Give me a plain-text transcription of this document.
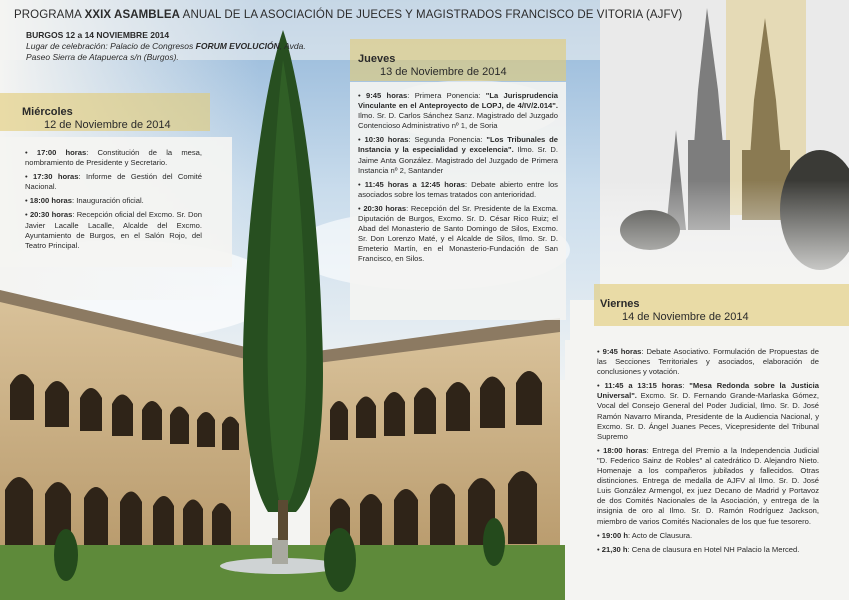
PROGRAMA XXIX ASAMBLEA ANUAL DE LA ASOCIACIÓN DE JUECES Y MAGISTRADOS FRANCISCO DE VITORIA (AJFV)
BURGOS 12 a 14 NOVIEMBRE 2014
Lugar de celebración: Palacio de Congresos FORUM EVOLUCIÓN, Avda. Paseo Sierra de Atapuerca s/n (Burgos).
Miércoles
12 de Noviembre de 2014
• 17:00 horas: Constitución de la mesa, nombramiento de Presidente y Secretario.
• 17:30 horas: Informe de Gestión del Comité Nacional.
• 18:00 horas: Inauguración oficial.
• 20:30 horas: Recepción oficial del Excmo. Sr. Don Javier Lacalle Lacalle, Alcalde del Excmo. Ayuntamiento de Burgos, en el Salón Rojo, del Teatro Principal.
Jueves
13 de Noviembre de 2014
• 9:45 horas: Primera Ponencia: "La Jurisprudencia Vinculante en el Anteproyecto de LOPJ, de 4/IV/2.014". Ilmo. Sr. D. Carlos Sánchez Sanz. Magistrado del Juzgado Contencioso Administrativo nº 1, de Soria
• 10:30 horas: Segunda Ponencia: "Los Tribunales de Instancia y la especialidad y excelencia". Ilmo. Sr. D. Jaime Anta González. Magistrado del Juzgado de Primera Instancia nº 2, Santander
• 11:45 horas a 12:45 horas: Debate abierto entre los asociados sobre los temas tratados con anterioridad.
• 20:30 horas: Recepción del Sr. Presidente de la Excma. Diputación de Burgos, Excmo. Sr. D. César Rico Ruiz; el Abad del Monasterio de Santo Domingo de Silos, Excmo. Sr. Don Lorenzo Maté, y el Alcalde de Silos, Ilmo. Sr. D. Emeterio Martín, en el Monasterio-Fundación de San Francisco, en Silos.
Viernes
14 de Noviembre de 2014
• 9:45 horas: Debate Asociativo. Formulación de Propuestas de las Secciones Territoriales y asociados, elaboración de conclusiones y votación.
• 11:45 a 13:15 horas: "Mesa Redonda sobre la Justicia Universal". Excmo. Sr. D. Fernando Grande-Marlaska Gómez, Vocal del Consejo General del Poder Judicial, Ilmo. Sr. D. José Ramón Navarro Miranda, Presidente de la Audiencia Nacional, y Excmo. Sr. D. Ángel Juanes Peces, Vicepresidente del Tribunal Supremo
• 18:00 horas: Entrega del Premio a la Independencia Judicial "D. Federico Sainz de Robles" al catedrático D. Alejandro Nieto. Homenaje a los compañeros jubilados y fallecidos. Otras distinciones. Entrega de medalla de AJFV al Ilmo. Sr. D. José Luis González Armengol, ex juez Decano de Madrid y Portavoz de dos Comités Nacionales de la Asociación, y entrega de la insignia de oro al Ilmo. Sr. D. Ramón Rodríguez Jackson, miembro de varios Comités Nacionales de los que fue tesorero.
• 19:00 h: Acto de Clausura.
• 21,30 h: Cena de clausura en Hotel NH Palacio la Merced.
